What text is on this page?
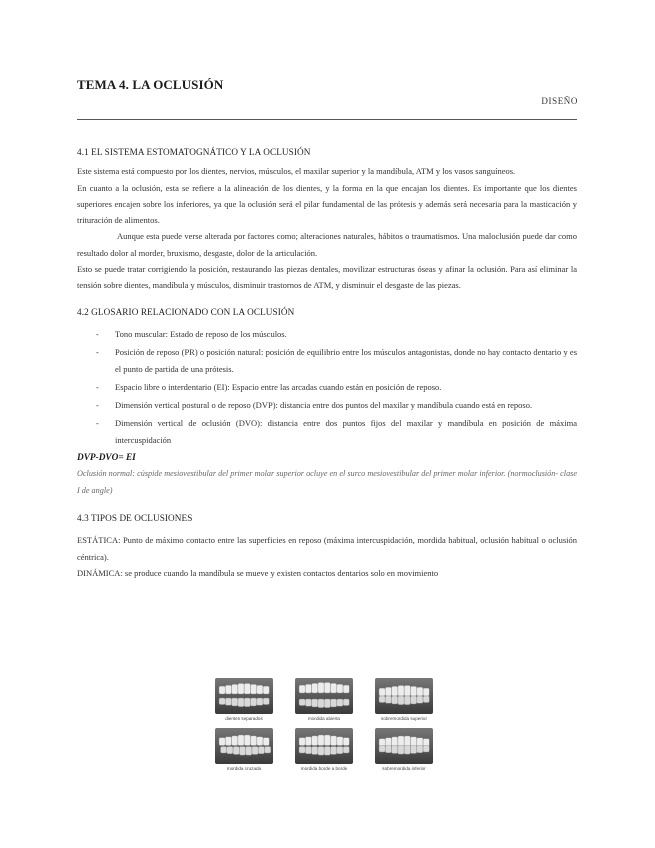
TEMA 4. LA OCLUSIÓN
DISEÑO
4.1 EL SISTEMA ESTOMATOGNÁTICO Y LA OCLUSIÓN

Este sistema está compuesto por los dientes, nervios, músculos, el maxilar superior y la mandíbula, ATM y los vasos sanguíneos.

En cuanto a la oclusión, esta se refiere a la alineación de los dientes, y la forma en la que encajan los dientes. Es importante que los dientes superiores encajen sobre los inferiores, ya que la oclusión será el pilar fundamental de las prótesis y además será necesaria para la masticación y trituración de alimentos.

Aunque esta puede verse alterada por factores como; alteraciones naturales, hábitos o traumatismos. Una maloclusión puede dar como resultado dolor al morder, bruxismo, desgaste, dolor de la articulación.

Esto se puede tratar corrigiendo la posición, restaurando las piezas dentales, movilizar estructuras óseas y afinar la oclusión. Para así eliminar la tensión sobre dientes, mandíbula y músculos, disminuir trastornos de ATM, y disminuir el desgaste de las piezas.

4.2 GLOSARIO RELACIONADO CON LA OCLUSIÓN
- Tono muscular: Estado de reposo de los músculos.
- Posición de reposo (PR) o posición natural: posición de equilibrio entre los músculos antagonistas, donde no hay contacto dentario y es el punto de partida de una prótesis.
- Espacio libre o interdentario (EI): Espacio entre las arcadas cuando están en posición de reposo.
- Dimensión vertical postural o de reposo (DVP): distancia entre dos puntos del maxilar y mandíbula cuando está en reposo.
- Dimensión vertical de oclusión (DVO): distancia entre dos puntos fijos del maxilar y mandíbula en posición de máxima intercuspidación
DVP-DVO= EI

Oclusión normal: cúspide mesiovestibular del primer molar superior ocluye en el surco mesiovestibular del primer molar inferior. (normoclusión- clase I de angle)

4.3 TIPOS DE OCLUSIONES

ESTÁTICA: Punto de máximo contacto entre las superficies en reposo (máxima intercuspidación, mordida habitual, oclusión habitual o oclusión céntrica).

DINÁMICA: se produce cuando la mandíbula se mueve y existen contactos dentarios solo en movimiento

dientes separados	mordida abierta	sobremordida superior
mordida cruzada	mordida borde a borde	sobremordida inferior
